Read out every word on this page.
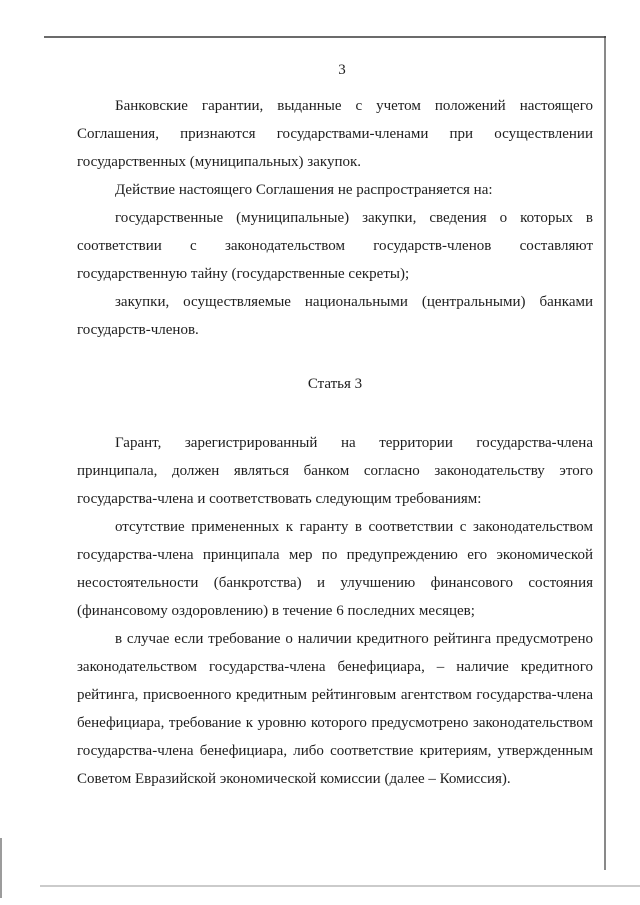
3

Банковские гарантии, выданные с учетом положений настоящего Соглашения, признаются государствами-членами при осуществлении государственных (муниципальных) закупок.

Действие настоящего Соглашения не распространяется на:

государственные (муниципальные) закупки, сведения о которых в соответствии с законодательством государств-членов составляют государственную тайну (государственные секреты);

закупки, осуществляемые национальными (центральными) банками государств-членов.

Статья 3

Гарант, зарегистрированный на территории государства-члена принципала, должен являться банком согласно законодательству этого государства-члена и соответствовать следующим требованиям:

отсутствие примененных к гаранту в соответствии с законодательством государства-члена принципала мер по предупреждению его экономической несостоятельности (банкротства) и улучшению финансового состояния (финансовому оздоровлению) в течение 6 последних месяцев;

в случае если требование о наличии кредитного рейтинга предусмотрено законодательством государства-члена бенефициара, – наличие кредитного рейтинга, присвоенного кредитным рейтинговым агентством государства-члена бенефициара, требование к уровню которого предусмотрено законодательством государства-члена бенефициара, либо соответствие критериям, утвержденным Советом Евразийской экономической комиссии (далее – Комиссия).
